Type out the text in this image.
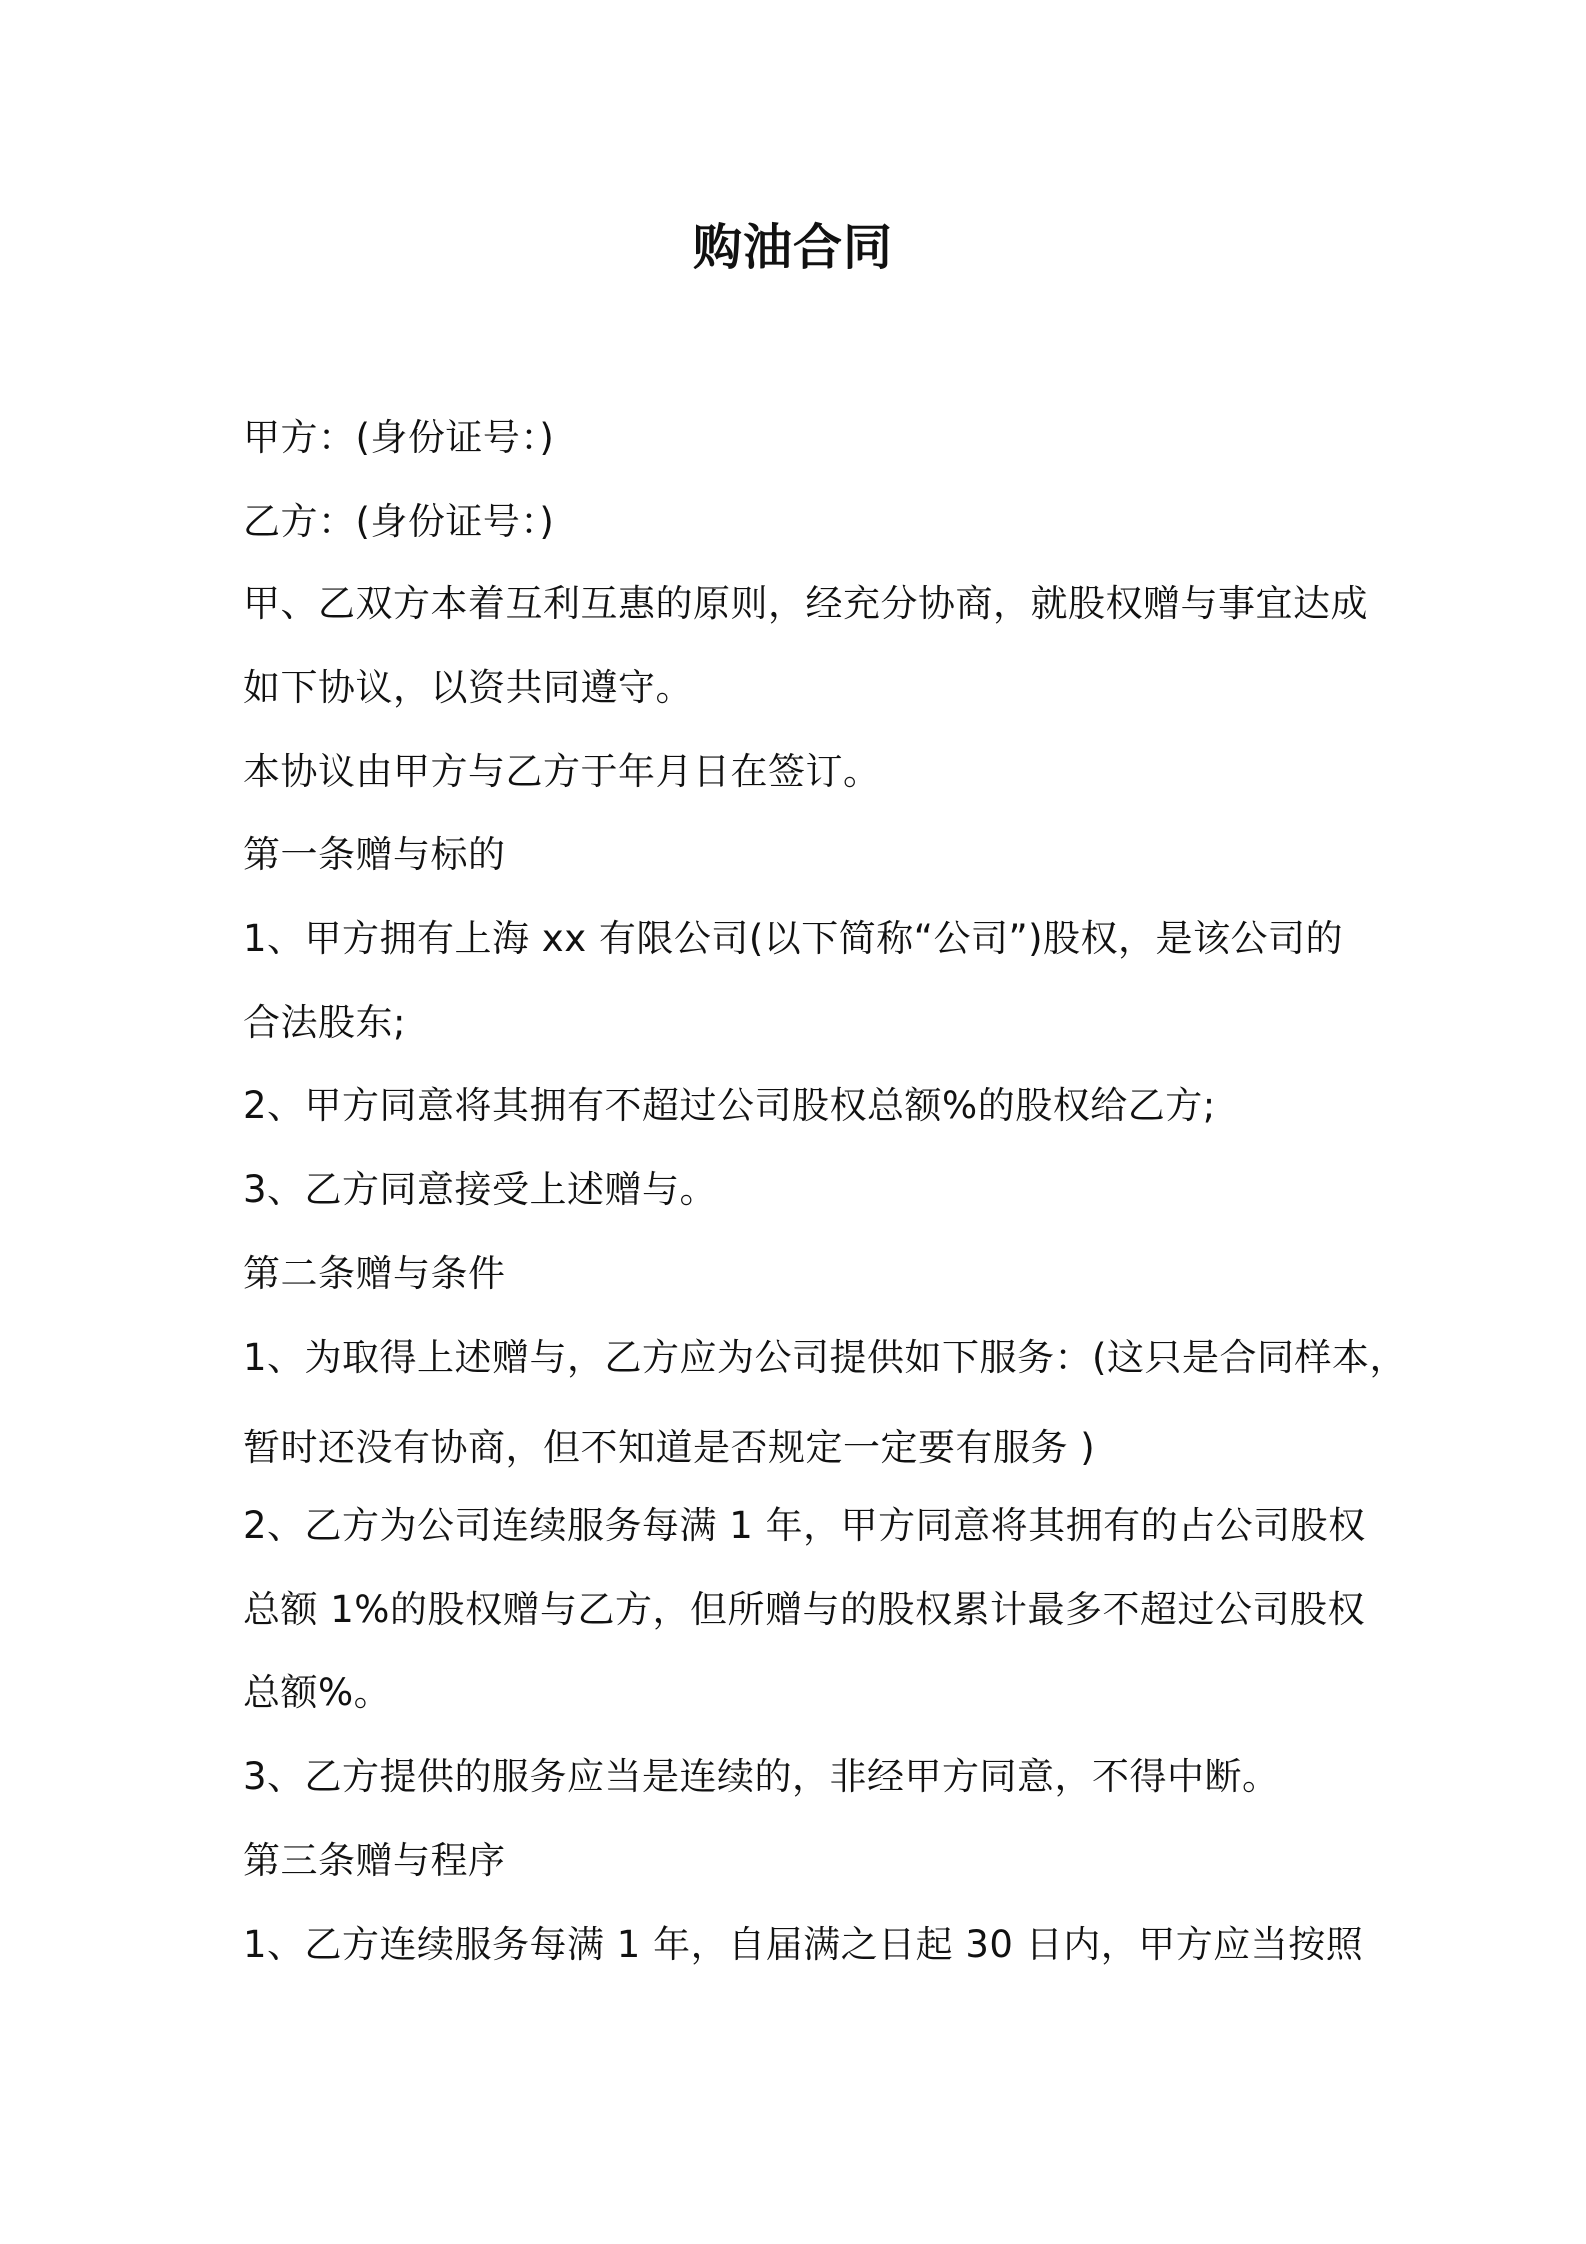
购油合同
甲方：(身份证号：)
乙方：(身份证号：)
甲、乙双方本着互利互惠的原则，经充分协商，就股权赠与事宜达成
如下协议，以资共同遵守。
本协议由甲方与乙方于年月日在签订。
第一条赠与标的
1、甲方拥有上海 xx 有限公司(以下简称“公司”)股权，是该公司的
合法股东;
2、甲方同意将其拥有不超过公司股权总额%的股权给乙方;
3、乙方同意接受上述赠与。
第二条赠与条件
1、为取得上述赠与，乙方应为公司提供如下服务：(这只是合同样本，
暂时还没有协商，但不知道是否规定一定要有服务 )
2、乙方为公司连续服务每满 1 年，甲方同意将其拥有的占公司股权
总额 1%的股权赠与乙方，但所赠与的股权累计最多不超过公司股权
总额%。
3、乙方提供的服务应当是连续的，非经甲方同意，不得中断。
第三条赠与程序
1、乙方连续服务每满 1 年，自届满之日起 30 日内，甲方应当按照
